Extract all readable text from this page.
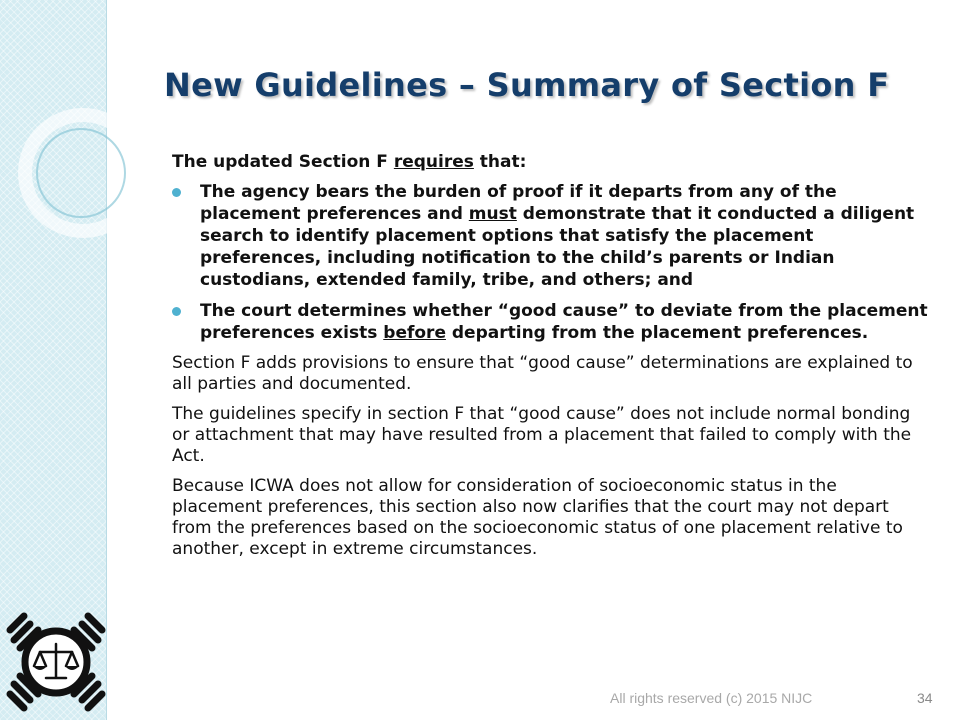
New Guidelines – Summary of Section F

The updated Section F requires that:

The agency bears the burden of proof if it departs from any of the placement preferences and must demonstrate that it conducted a diligent search to identify placement options that satisfy the placement preferences, including notification to the child’s parents or Indian custodians, extended family, tribe, and others; and
The court determines whether “good cause” to deviate from the placement preferences exists before departing from the placement preferences.

Section F adds provisions to ensure that “good cause” determinations are explained to all parties and documented.

The guidelines specify in section F that “good cause” does not include normal bonding or attachment that may have resulted from a placement that failed to comply with the Act.

Because ICWA does not allow for consideration of socioeconomic status in the placement preferences, this section also now clarifies that the court may not depart from the preferences based on the socioeconomic status of one placement relative to another, except in extreme circumstances.

All rights reserved (c) 2015 NIJC	34
